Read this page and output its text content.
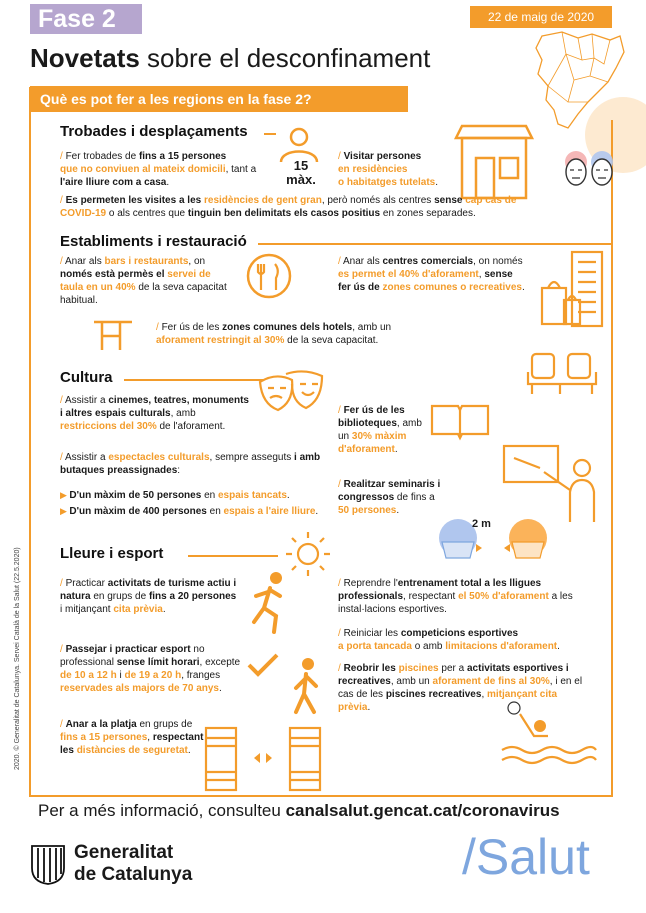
Fase 2	22 de maig de 2020
Novetats sobre el desconfinament
Què es pot fer a les regions en la fase 2?
Trobades i desplaçaments
15
màx.
/ Fer trobades de fins a 15 persones
que no conviuen al mateix domicili, tant a l'aire lliure com a casa.
/ Visitar persones
en residències
o habitatges tutelats.
/ Es permeten les visites a les residències de gent gran, però només als centres sense cap cas de COVID-19 o als centres que tinguin ben delimitats els casos positius en zones separades.
Establiments i restauració
/ Anar als bars i restaurants, on només està permès el servei de taula en un 40% de la seva capacitat habitual.
/ Anar als centres comercials, on només es permet el 40% d'aforament, sense fer ús de zones comunes o recreatives.
/ Fer ús de les zones comunes dels hotels, amb un
aforament restringit al 30% de la seva capacitat.
Cultura
/ Assistir a cinemes, teatres, monuments i altres espais culturals, amb restriccions del 30% de l'aforament.
/ Fer ús de les biblioteques, amb un 30% màxim d'aforament.
/ Assistir a espectacles culturals, sempre asseguts i amb butaques preassignades:
▶ D'un màxim de 50 persones en espais tancats.
▶ D'un màxim de 400 persones en espais a l'aire lliure.
/ Realitzar seminaris i congressos de fins a 50 persones.
Lleure i esport
2 m
/ Practicar activitats de turisme actiu i natura en grups de fins a 20 persones i mitjançant cita prèvia.
/ Reprendre l'entrenament total a les lligues professionals, respectant el 50% d'aforament a les instal·lacions esportives.
/ Reiniciar les competicions esportives
a porta tancada o amb limitacions d'aforament.
/ Passejar i practicar esport no professional sense límit horari, excepte de 10 a 12 h i de 19 a 20 h, franges reservades als majors de 70 anys.
/ Reobrir les piscines per a activitats esportives i recreatives, amb un aforament de fins al 30%, i en el cas de les piscines recreatives, mitjançant cita prèvia.
/ Anar a la platja en grups de fins a 15 persones, respectant les distàncies de seguretat.
2020. © Generalitat de Catalunya. Servei Català de la Salut (22.5.2020)
Per a més informació, consulteu canalsalut.gencat.cat/coronavirus
Generalitat
de Catalunya	/Salut
